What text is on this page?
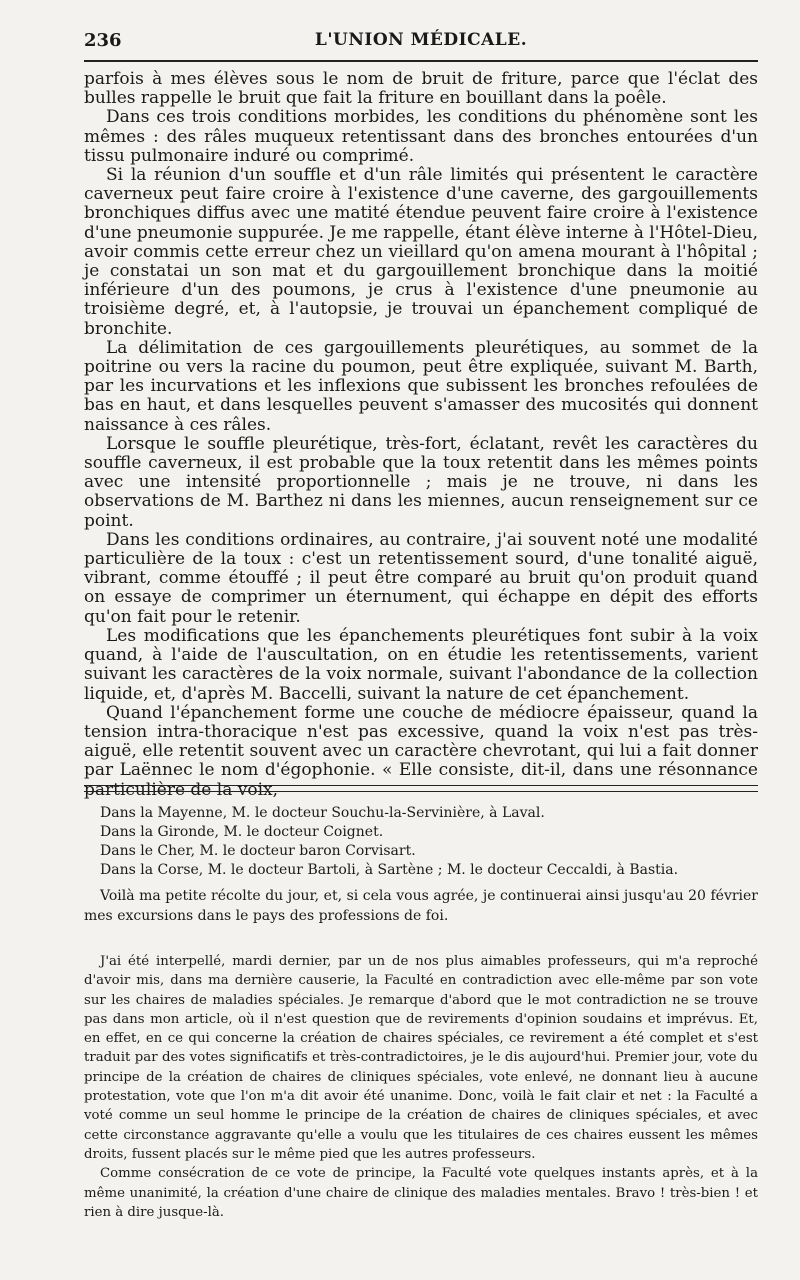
236	L'UNION MÉDICALE.

parfois à mes élèves sous le nom de bruit de friture, parce que l'éclat des bulles rappelle le bruit que fait la friture en bouillant dans la poêle.

Dans ces trois conditions morbides, les conditions du phénomène sont les mêmes : des râles muqueux retentissant dans des bronches entourées d'un tissu pulmonaire induré ou comprimé.

Si la réunion d'un souffle et d'un râle limités qui présentent le caractère caverneux peut faire croire à l'existence d'une caverne, des gargouillements bronchiques diffus avec une matité étendue peuvent faire croire à l'existence d'une pneumonie suppurée. Je me rappelle, étant élève interne à l'Hôtel-Dieu, avoir commis cette erreur chez un vieillard qu'on amena mourant à l'hôpital ; je constatai un son mat et du gargouillement bronchique dans la moitié inférieure d'un des poumons, je crus à l'existence d'une pneumonie au troisième degré, et, à l'autopsie, je trouvai un épanchement compliqué de bronchite.

La délimitation de ces gargouillements pleurétiques, au sommet de la poitrine ou vers la racine du poumon, peut être expliquée, suivant M. Barth, par les incurvations et les inflexions que subissent les bronches refoulées de bas en haut, et dans lesquelles peuvent s'amasser des mucosités qui donnent naissance à ces râles.

Lorsque le souffle pleurétique, très-fort, éclatant, revêt les caractères du souffle caverneux, il est probable que la toux retentit dans les mêmes points avec une intensité proportionnelle ; mais je ne trouve, ni dans les observations de M. Barthez ni dans les miennes, aucun renseignement sur ce point.

Dans les conditions ordinaires, au contraire, j'ai souvent noté une modalité particulière de la toux : c'est un retentissement sourd, d'une tonalité aiguë, vibrant, comme étouffé ; il peut être comparé au bruit qu'on produit quand on essaye de comprimer un éternument, qui échappe en dépit des efforts qu'on fait pour le retenir.

Les modifications que les épanchements pleurétiques font subir à la voix quand, à l'aide de l'auscultation, on en étudie les retentissements, varient suivant les caractères de la voix normale, suivant l'abondance de la collection liquide, et, d'après M. Baccelli, suivant la nature de cet épanchement.

Quand l'épanchement forme une couche de médiocre épaisseur, quand la tension intra-thoracique n'est pas excessive, quand la voix n'est pas très-aiguë, elle retentit souvent avec un caractère chevrotant, qui lui a fait donner par Laënnec le nom d'égophonie. « Elle consiste, dit-il, dans une résonnance particulière de la voix,

Dans la Mayenne, M. le docteur Souchu-la-Servinière, à Laval.
Dans la Gironde, M. le docteur Coignet.
Dans le Cher, M. le docteur baron Corvisart.
Dans la Corse, M. le docteur Bartoli, à Sartène ; M. le docteur Ceccaldi, à Bastia.

Voilà ma petite récolte du jour, et, si cela vous agrée, je continuerai ainsi jusqu'au 20 février mes excursions dans le pays des professions de foi.

J'ai été interpellé, mardi dernier, par un de nos plus aimables professeurs, qui m'a reproché d'avoir mis, dans ma dernière causerie, la Faculté en contradiction avec elle-même par son vote sur les chaires de maladies spéciales. Je remarque d'abord que le mot contradiction ne se trouve pas dans mon article, où il n'est question que de revirements d'opinion soudains et imprévus. Et, en effet, en ce qui concerne la création de chaires spéciales, ce revirement a été complet et s'est traduit par des votes significatifs et très-contradictoires, je le dis aujourd'hui. Premier jour, vote du principe de la création de chaires de cliniques spéciales, vote enlevé, ne donnant lieu à aucune protestation, vote que l'on m'a dit avoir été unanime. Donc, voilà le fait clair et net : la Faculté a voté comme un seul homme le principe de la création de chaires de cliniques spéciales, et avec cette circonstance aggravante qu'elle a voulu que les titulaires de ces chaires eussent les mêmes droits, fussent placés sur le même pied que les autres professeurs.

Comme consécration de ce vote de principe, la Faculté vote quelques instants après, et à la même unanimité, la création d'une chaire de clinique des maladies mentales. Bravo ! très-bien ! et rien à dire jusque-là.
